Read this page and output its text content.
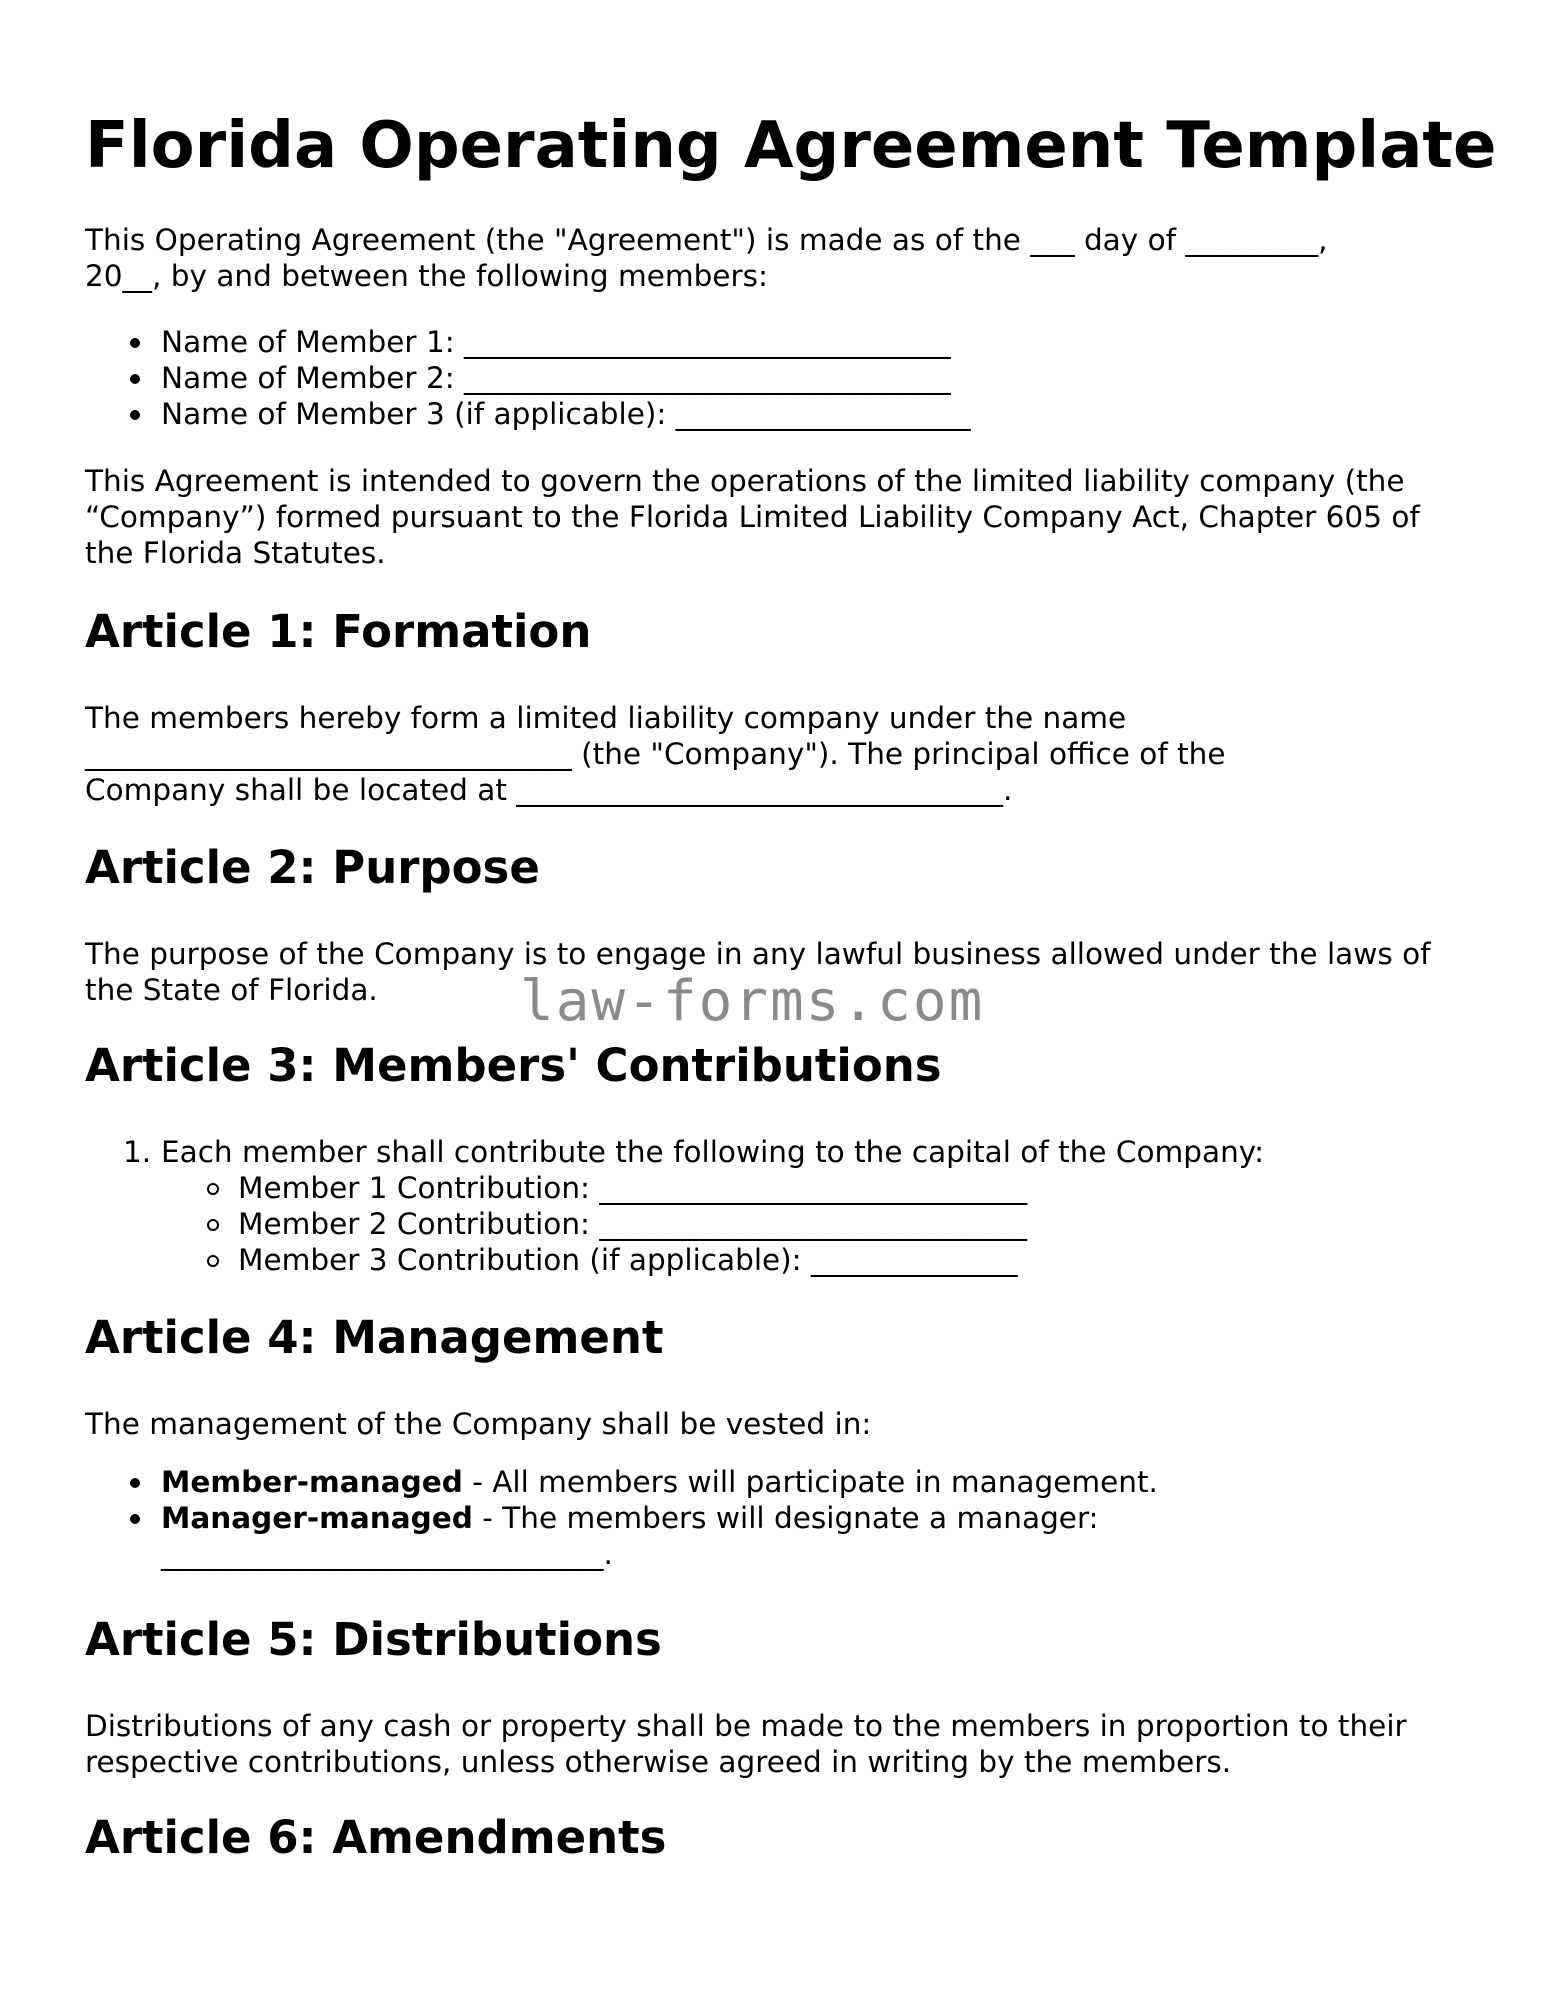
Florida Operating Agreement Template

This Operating Agreement (the "Agreement") is made as of the ___ day of _________,
20__, by and between the following members:

Name of Member 1: _________________________________
Name of Member 2: _________________________________
Name of Member 3 (if applicable): ____________________

This Agreement is intended to govern the operations of the limited liability company (the
“Company”) formed pursuant to the Florida Limited Liability Company Act, Chapter 605 of
the Florida Statutes.

Article 1: Formation

The members hereby form a limited liability company under the name
_________________________________ (the "Company"). The principal office of the
Company shall be located at _________________________________.

Article 2: Purpose

The purpose of the Company is to engage in any lawful business allowed under the laws of
the State of Florida.

Article 3: Members' Contributions
1. Each member shall contribute the following to the capital of the Company:
Member 1 Contribution: _____________________________
Member 2 Contribution: _____________________________
Member 3 Contribution (if applicable): ______________
Article 4: Management

The management of the Company shall be vested in:

Member-managed - All members will participate in management.
Manager-managed - The members will designate a manager:
______________________________.
Article 5: Distributions

Distributions of any cash or property shall be made to the members in proportion to their
respective contributions, unless otherwise agreed in writing by the members.

Article 6: Amendments
law-forms.com
